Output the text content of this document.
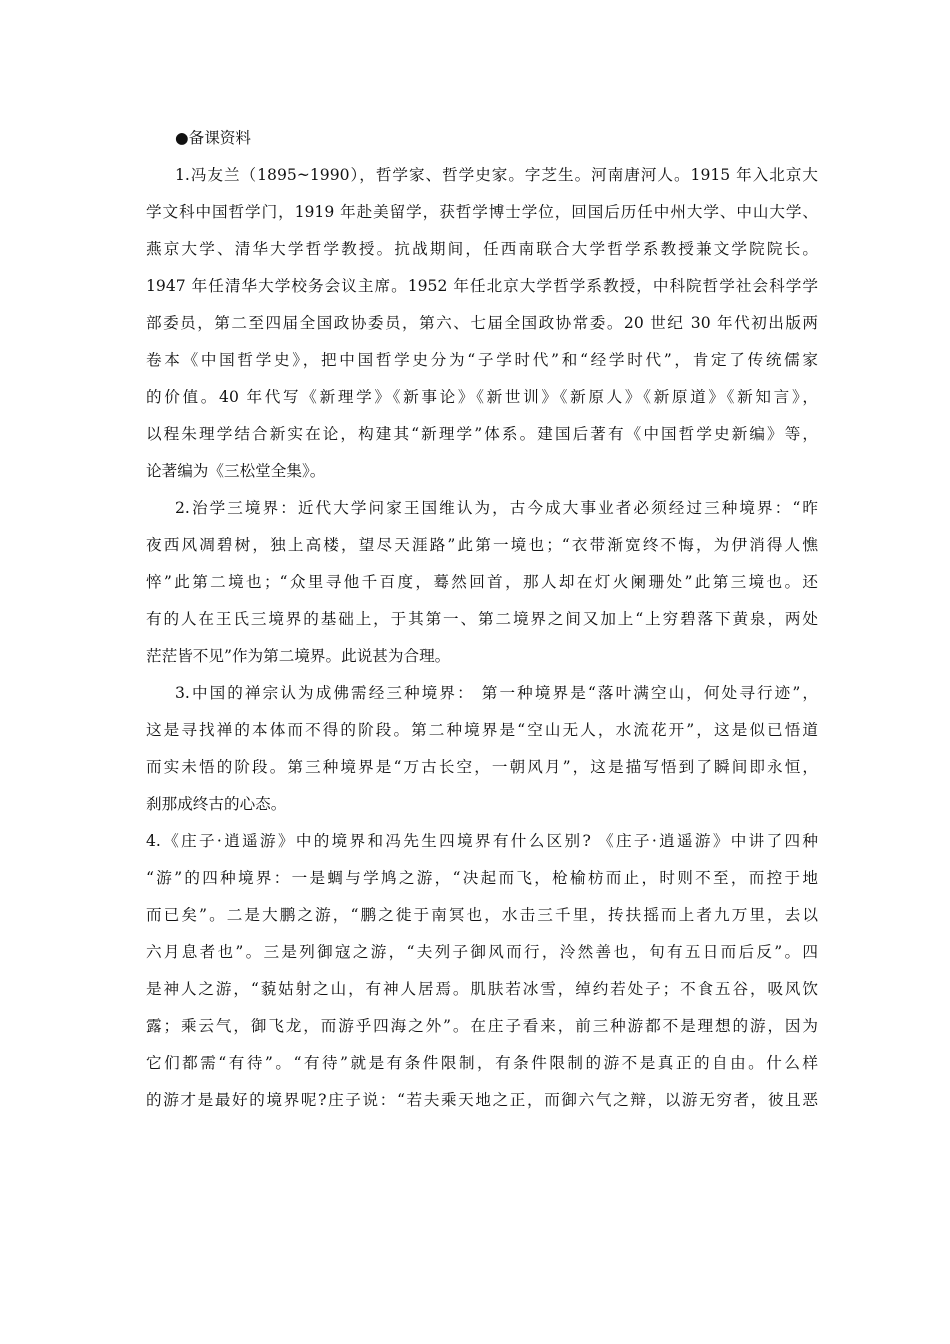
●备课资料
1.冯友兰（1895~1990），哲学家、哲学史家。字芝生。河南唐河人。1915 年入北京大
学文科中国哲学门，1919 年赴美留学，获哲学博士学位，回国后历任中州大学、中山大学、
燕京大学、清华大学哲学教授。抗战期间，任西南联合大学哲学系教授兼文学院院长。
1947 年任清华大学校务会议主席。1952 年任北京大学哲学系教授，中科院哲学社会科学学
部委员，第二至四届全国政协委员，第六、七届全国政协常委。20 世纪 30 年代初出版两
卷本《中国哲学史》，把中国哲学史分为“子学时代”和“经学时代”，肯定了传统儒家
的价值。40 年代写《新理学》《新事论》《新世训》《新原人》《新原道》《新知言》，
以程朱理学结合新实在论，构建其“新理学”体系。建国后著有《中国哲学史新编》等，
论著编为《三松堂全集》。
2.治学三境界：近代大学问家王国维认为，古今成大事业者必须经过三种境界：“昨
夜西风凋碧树，独上高楼，望尽天涯路”此第一境也；“衣带渐宽终不悔，为伊消得人憔
悴”此第二境也；“众里寻他千百度，蓦然回首，那人却在灯火阑珊处”此第三境也。还
有的人在王氏三境界的基础上，于其第一、第二境界之间又加上“上穷碧落下黄泉，两处
茫茫皆不见”作为第二境界。此说甚为合理。
3.中国的禅宗认为成佛需经三种境界： 第一种境界是“落叶满空山，何处寻行迹”，
这是寻找禅的本体而不得的阶段。第二种境界是“空山无人，水流花开”，这是似已悟道
而实未悟的阶段。第三种境界是“万古长空，一朝风月”，这是描写悟到了瞬间即永恒，
刹那成终古的心态。
4.《庄子·逍遥游》中的境界和冯先生四境界有什么区别? 《庄子·逍遥游》中讲了四种
“游”的四种境界：一是蜩与学鸠之游，“决起而飞，枪榆枋而止，时则不至，而控于地
而已矣”。二是大鹏之游，“鹏之徙于南冥也，水击三千里，抟扶摇而上者九万里，去以
六月息者也”。三是列御寇之游，“夫列子御风而行，泠然善也，旬有五日而后反”。四
是神人之游，“藐姑射之山，有神人居焉。肌肤若冰雪，绰约若处子；不食五谷，吸风饮
露；乘云气，御飞龙，而游乎四海之外”。在庄子看来，前三种游都不是理想的游，因为
它们都需“有待”。“有待”就是有条件限制，有条件限制的游不是真正的自由。什么样
的游才是最好的境界呢?庄子说：“若夫乘天地之正，而御六气之辩，以游无穷者，彼且恶
